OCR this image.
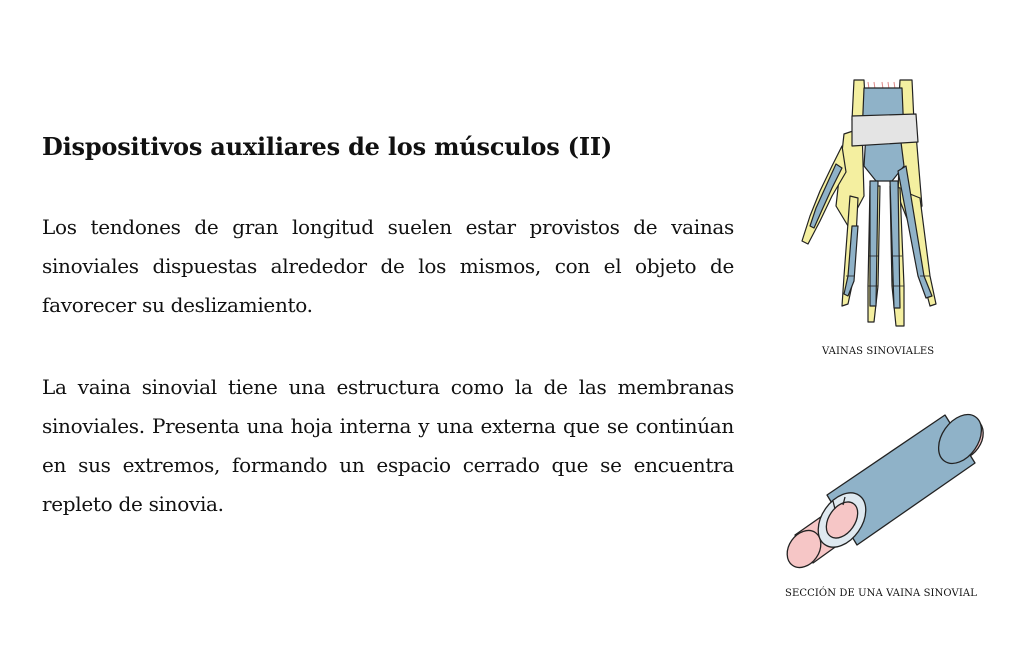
Dispositivos auxiliares de los músculos (II)

Los tendones de gran longitud suelen estar provistos de vainas sinoviales dispuestas alrededor de los mismos, con el objeto de favorecer su deslizamiento.

La vaina sinovial tiene una estructura como la de las membranas sinoviales. Presenta una hoja interna y una externa que se continúan en sus extremos, formando un espacio cerrado que se encuentra repleto de sinovia.

VAINAS SINOVIALES
SECCIÓN DE UNA VAINA SINOVIAL
